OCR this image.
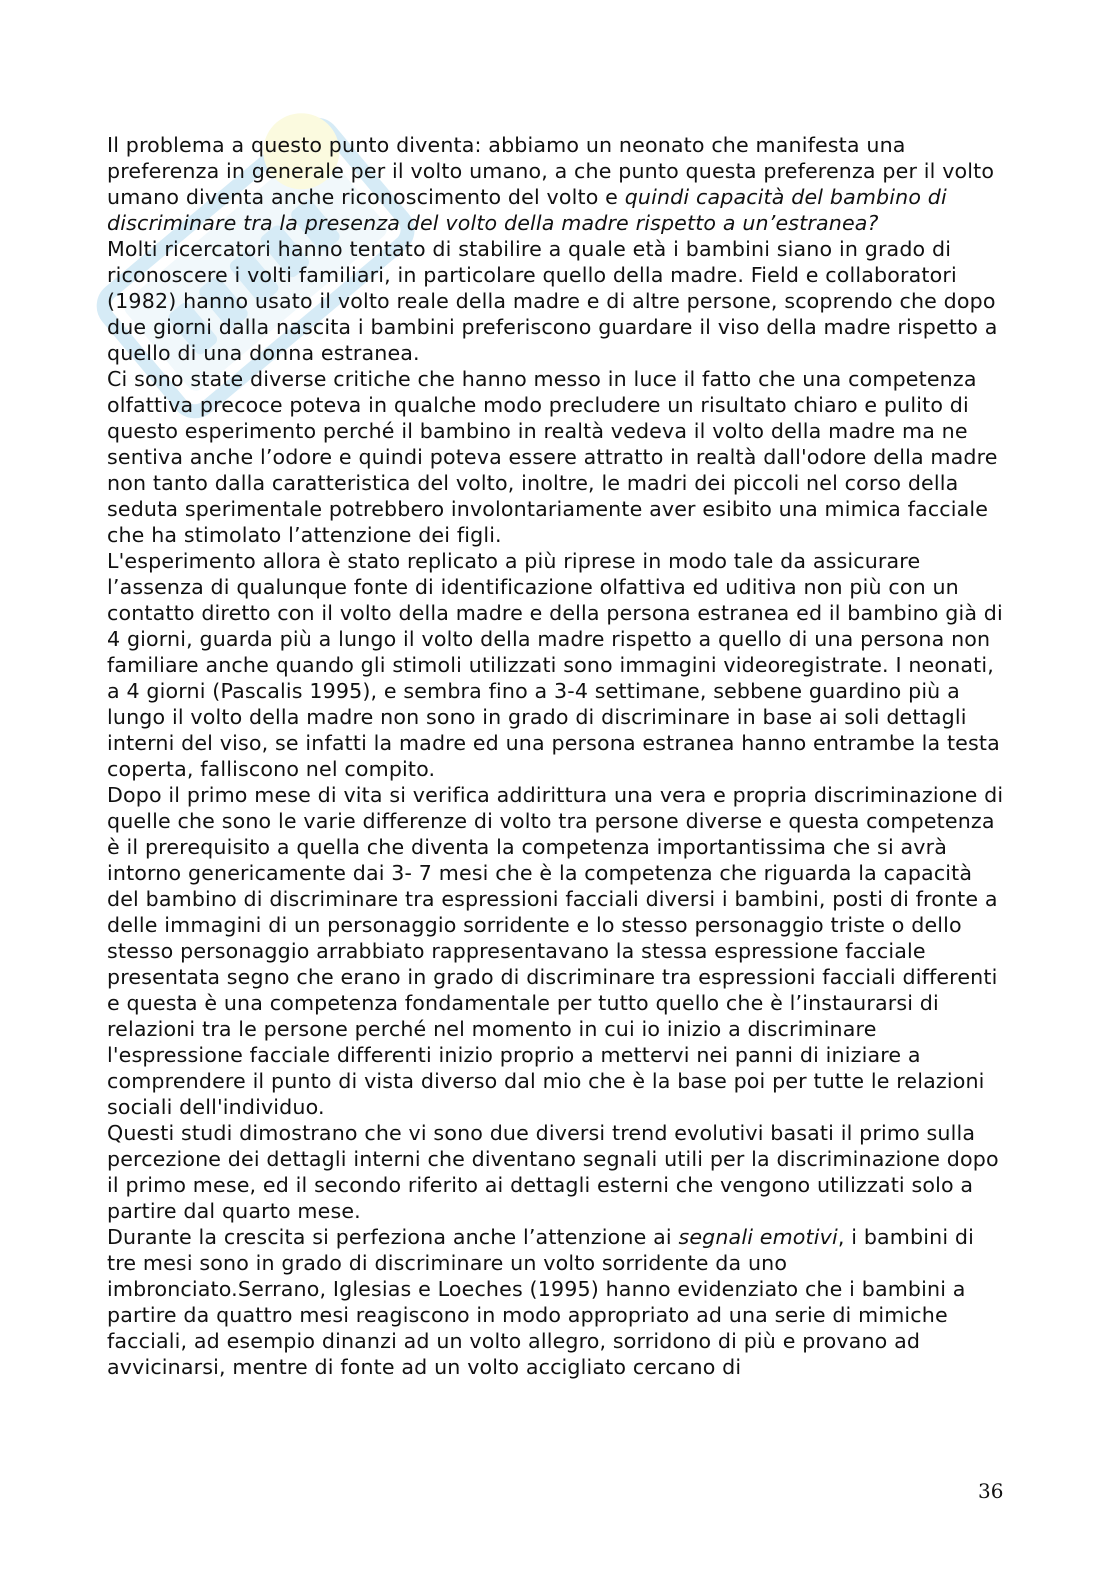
Il problema a questo punto diventa: abbiamo un neonato che manifesta una preferenza in generale per il volto umano, a che punto questa preferenza per il volto umano diventa anche riconoscimento del volto e quindi capacità del bambino di discriminare tra la presenza del volto della madre rispetto a un’estranea?

Molti ricercatori hanno tentato di stabilire a quale età i bambini siano in grado di riconoscere i volti familiari, in particolare quello della madre. Field e collaboratori (1982) hanno usato il volto reale della madre e di altre persone, scoprendo che dopo due giorni dalla nascita i bambini preferiscono guardare il viso della madre rispetto a quello di una donna estranea.

Ci sono state diverse critiche che hanno messo in luce il fatto che una competenza olfattiva precoce poteva in qualche modo precludere un risultato chiaro e pulito di questo esperimento perché il bambino in realtà vedeva il volto della madre ma ne sentiva anche l’odore e quindi poteva essere attratto in realtà dall'odore della madre non tanto dalla caratteristica del volto, inoltre, le madri dei piccoli nel corso della seduta sperimentale potrebbero involontariamente aver esibito una mimica facciale che ha stimolato l’attenzione dei figli.

L'esperimento allora è stato replicato a più riprese in modo tale da assicurare l’assenza di qualunque fonte di identificazione olfattiva ed uditiva non più con un contatto diretto con il volto della madre e della persona estranea ed il bambino già di 4 giorni, guarda più a lungo il volto della madre rispetto a quello di una persona non familiare anche quando gli stimoli utilizzati sono immagini videoregistrate. I neonati, a 4 giorni (Pascalis 1995), e sembra fino a 3-4 settimane, sebbene guardino più a lungo il volto della madre non sono in grado di discriminare in base ai soli dettagli interni del viso, se infatti la madre ed una persona estranea hanno entrambe la testa coperta, falliscono nel compito.

Dopo il primo mese di vita si verifica addirittura una vera e propria discriminazione di quelle che sono le varie differenze di volto tra persone diverse e questa competenza è il prerequisito a quella che diventa la competenza importantissima che si avrà intorno genericamente dai 3- 7 mesi che è la competenza che riguarda la capacità del bambino di discriminare tra espressioni facciali diversi i bambini, posti di fronte a delle immagini di un personaggio sorridente e lo stesso personaggio triste o dello stesso personaggio arrabbiato rappresentavano la stessa espressione facciale presentata segno che erano in grado di discriminare tra espressioni facciali differenti e questa è una competenza fondamentale per tutto quello che è l’instaurarsi di relazioni tra le persone perché nel momento in cui io inizio a discriminare l'espressione facciale differenti inizio proprio a mettervi nei panni di iniziare a comprendere il punto di vista diverso dal mio che è la base poi per tutte le relazioni sociali dell'individuo.

Questi studi dimostrano che vi sono due diversi trend evolutivi basati il primo sulla percezione dei dettagli interni che diventano segnali utili per la discriminazione dopo il primo mese, ed il secondo riferito ai dettagli esterni che vengono utilizzati solo a partire dal quarto mese.

Durante la crescita si perfeziona anche l’attenzione ai segnali emotivi, i bambini di tre mesi sono in grado di discriminare un volto sorridente da uno imbronciato.Serrano, Iglesias e Loeches (1995) hanno evidenziato che i bambini a partire da quattro mesi reagiscono in modo appropriato ad una serie di mimiche facciali, ad esempio dinanzi ad un volto allegro, sorridono di più e provano ad avvicinarsi, mentre di fonte ad un volto accigliato cercano di

36
